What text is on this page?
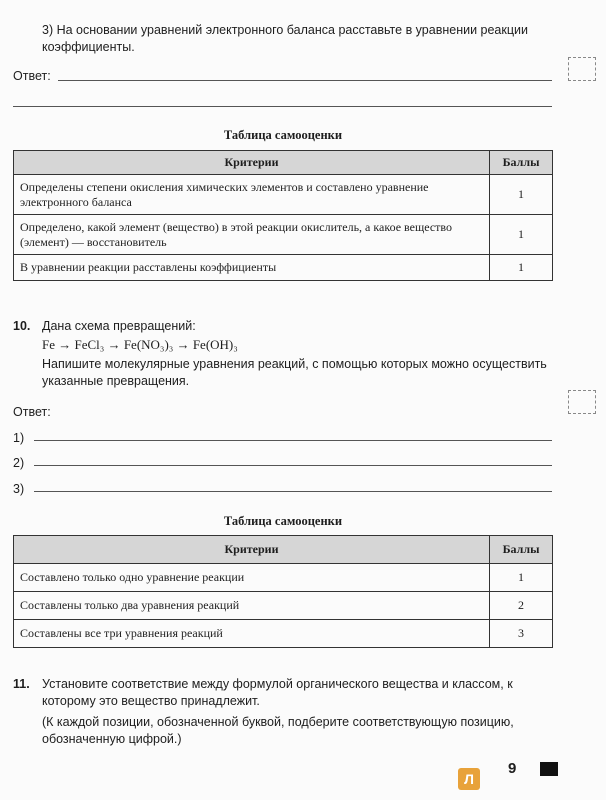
3) На основании уравнений электронного баланса расставьте в уравнении реакции коэффициенты.
Ответ:
Таблица самооценки
Критерии	Баллы
Определены степени окисления химических элементов и составлено уравнение электронного баланса	1
Определено, какой элемент (вещество) в этой реакции окислитель, а какое вещество (элемент) — восстановитель	1
В уравнении реакции расставлены коэффициенты	1
10. Дана схема превращений:
Fe → FeCl₃ → Fe(NO₃)₃ → Fe(OH)₃
Напишите молекулярные уравнения реакций, с помощью которых можно осуществить указанные превращения.
Ответ:
1)
2)
3)
Таблица самооценки
Критерии	Баллы
Составлено только одно уравнение реакции	1
Составлены только два уравнения реакций	2
Составлены все три уравнения реакций	3
11. Установите соответствие между формулой органического вещества и классом, к которому это вещество принадлежит.
(К каждой позиции, обозначенной буквой, подберите соответствующую позицию, обозначенную цифрой.)
Л
9
